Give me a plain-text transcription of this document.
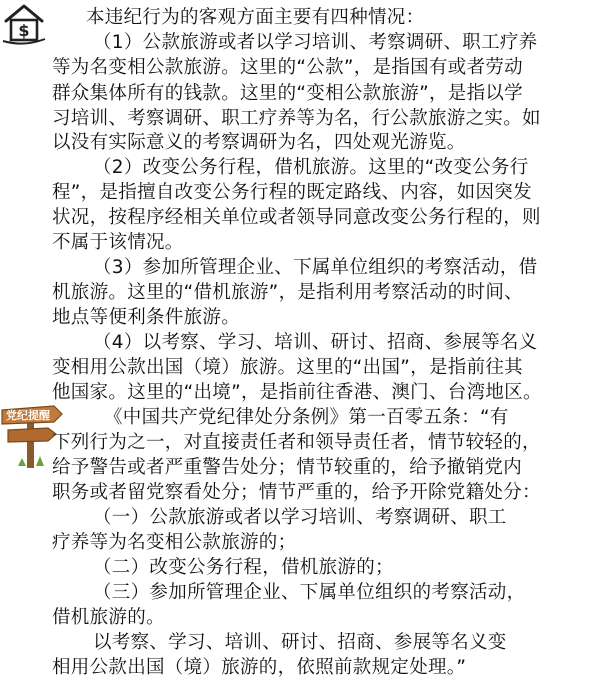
$
党纪提醒
本违纪行为的客观方面主要有四种情况：
（1）公款旅游或者以学习培训、考察调研、职工疗养
等为名变相公款旅游。这里的“公款”，是指国有或者劳动
群众集体所有的钱款。这里的“变相公款旅游”，是指以学
习培训、考察调研、职工疗养等为名，行公款旅游之实。如
以没有实际意义的考察调研为名，四处观光游览。
（2）改变公务行程，借机旅游。这里的“改变公务行
程”，是指擅自改变公务行程的既定路线、内容，如因突发
状况，按程序经相关单位或者领导同意改变公务行程的，则
不属于该情况。
（3）参加所管理企业、下属单位组织的考察活动，借
机旅游。这里的“借机旅游”，是指利用考察活动的时间、
地点等便利条件旅游。
（4）以考察、学习、培训、研讨、招商、参展等名义
变相用公款出国（境）旅游。这里的“出国”，是指前往其
他国家。这里的“出境”，是指前往香港、澳门、台湾地区。
《中国共产党纪律处分条例》第一百零五条：“有
下列行为之一，对直接责任者和领导责任者，情节较轻的，
给予警告或者严重警告处分；情节较重的，给予撤销党内
职务或者留党察看处分；情节严重的，给予开除党籍处分：
（一）公款旅游或者以学习培训、考察调研、职工
疗养等为名变相公款旅游的；
（二）改变公务行程，借机旅游的；
（三）参加所管理企业、下属单位组织的考察活动，
借机旅游的。
以考察、学习、培训、研讨、招商、参展等名义变
相用公款出国（境）旅游的，依照前款规定处理。”
